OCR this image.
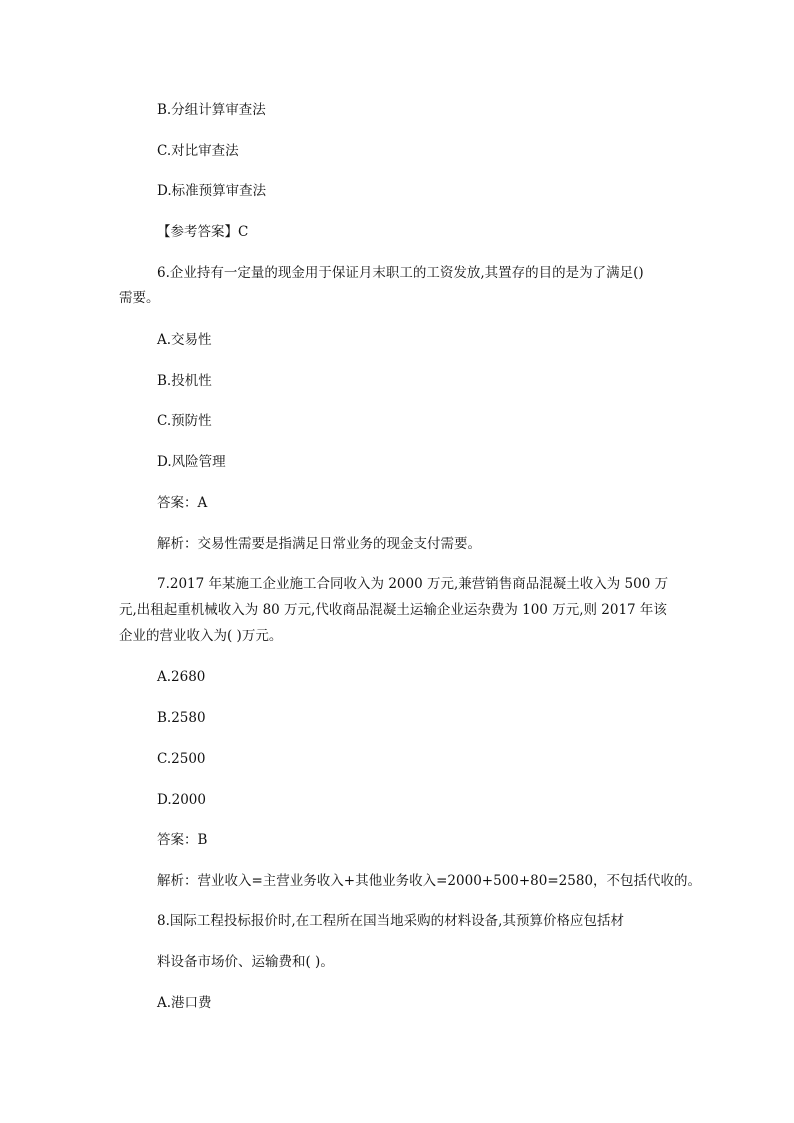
B.分组计算审查法
C.对比审查法
D.标准预算审查法
【参考答案】C
6.企业持有一定量的现金用于保证月末职工的工资发放,其置存的目的是为了满足()
需要。
A.交易性
B.投机性
C.预防性
D.风险管理
答案：A
解析：交易性需要是指满足日常业务的现金支付需要。
7.2017 年某施工企业施工合同收入为 2000 万元,兼营销售商品混凝土收入为 500 万
元,出租起重机械收入为 80 万元,代收商品混凝土运输企业运杂费为 100 万元,则 2017 年该
企业的营业收入为( )万元。
A.2680
B.2580
C.2500
D.2000
答案：B
解析：营业收入=主营业务收入+其他业务收入=2000+500+80=2580，不包括代收的。
8.国际工程投标报价时,在工程所在国当地采购的材料设备,其预算价格应包括材
料设备市场价、运输费和( )。
A.港口费
